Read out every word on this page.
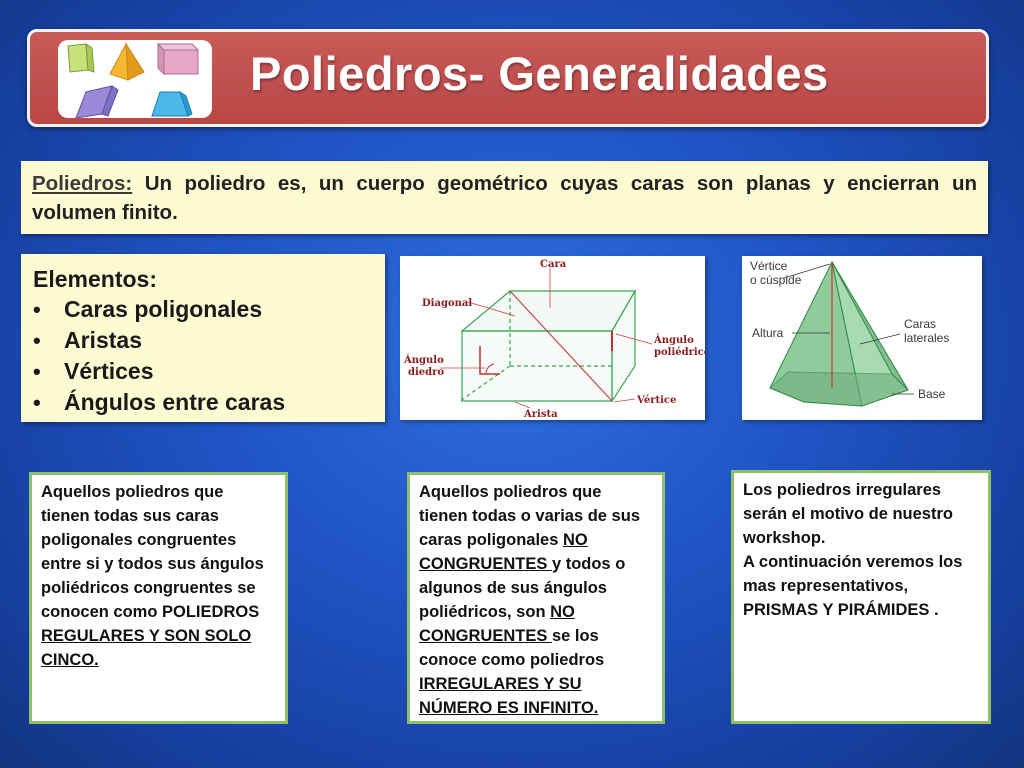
Poliedros- Generalidades
Poliedros: Un poliedro es, un cuerpo geométrico cuyas caras son planas y encierran un volumen finito.
Elementos:
• Caras poligonales
• Aristas
• Vértices
• Ángulos entre caras
Cara
Diagonal
Ángulo
poliédrico
Ángulo
diedro
Vértice
Arista
Vértice
o cúspide
Altura
Caras
laterales
Base
Aquellos poliedros que tienen todas sus caras poligonales congruentes entre si y todos sus ángulos poliédricos congruentes se conocen como POLIEDROS REGULARES Y SON SOLO CINCO.
Aquellos poliedros que tienen todas o varias de sus caras poligonales NO CONGRUENTES y todos o algunos de sus ángulos poliédricos, son NO CONGRUENTES se los conoce como poliedros IRREGULARES Y SU NÚMERO ES INFINITO.
Los poliedros irregulares serán el motivo de nuestro workshop.
A continuación veremos los mas representativos, PRISMAS Y PIRÁMIDES .
